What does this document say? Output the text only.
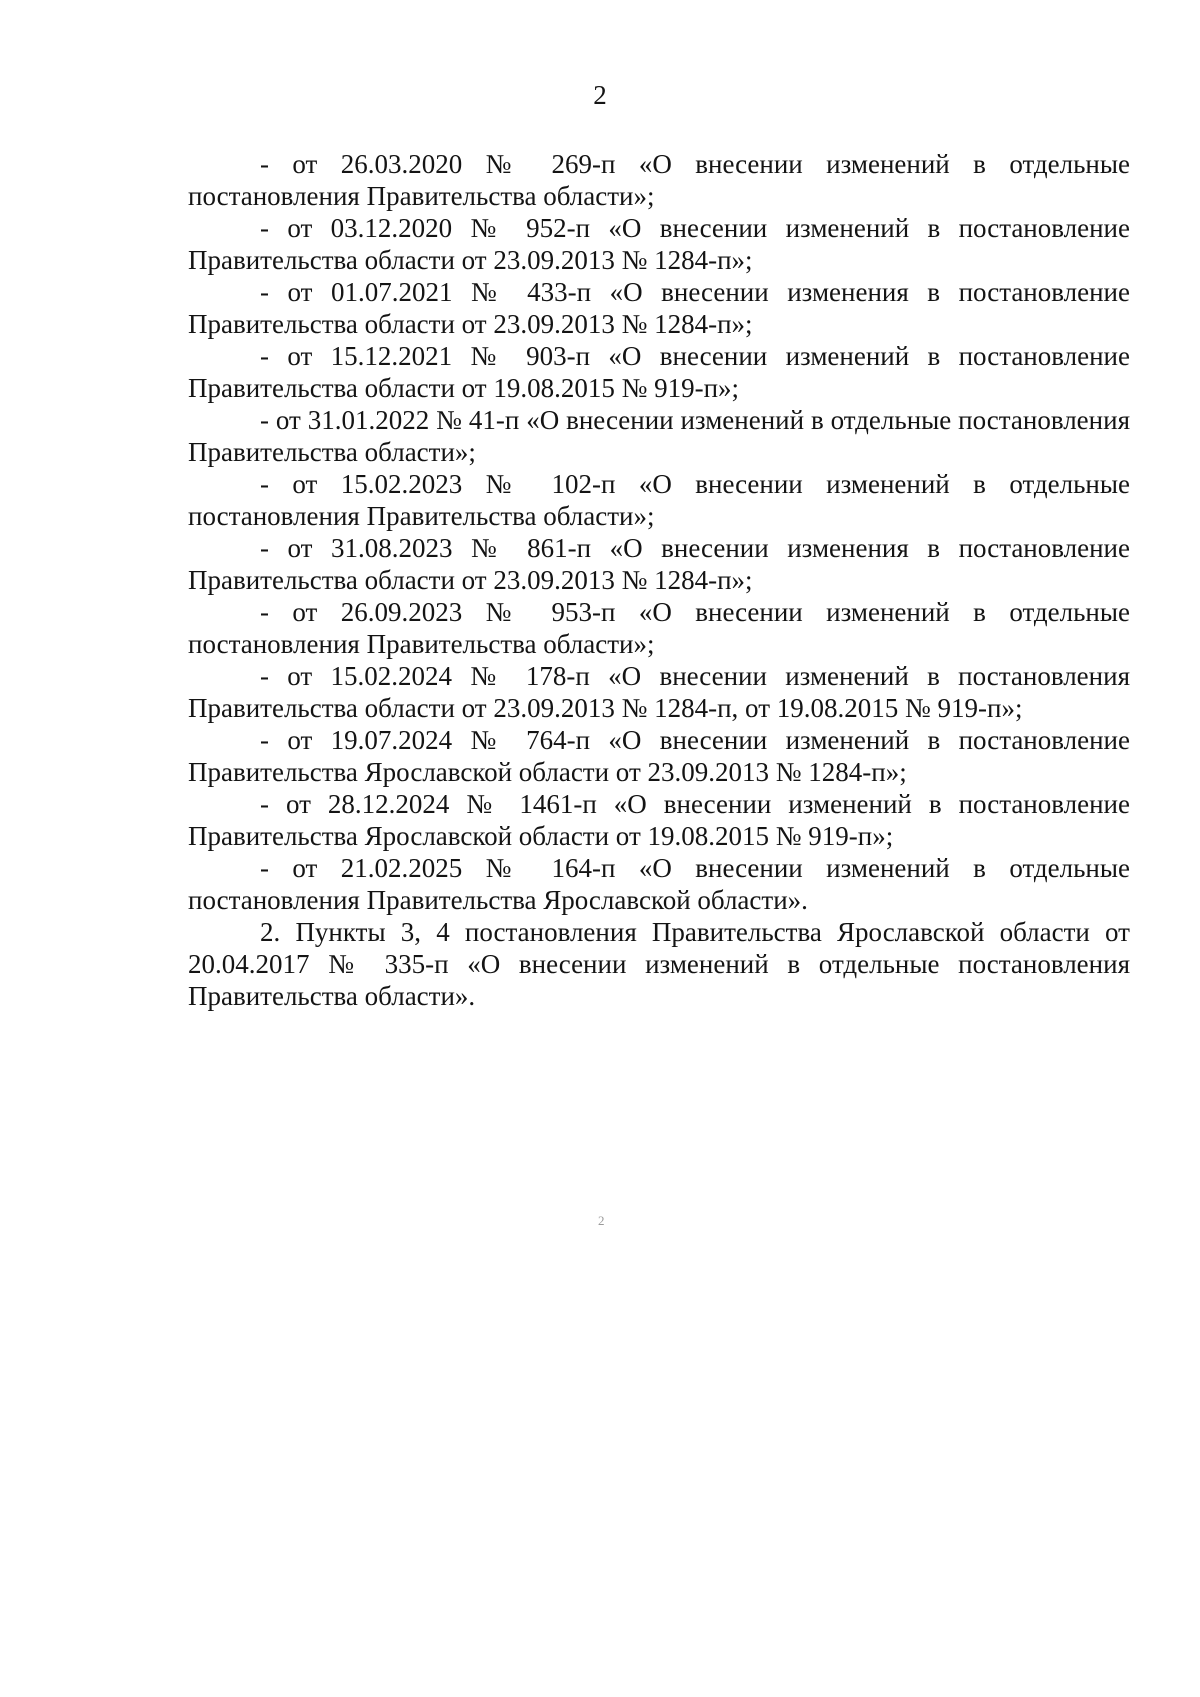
2

- от 26.03.2020 № 269-п «О внесении изменений в отдельные постановления Правительства области»;

- от 03.12.2020 № 952-п «О внесении изменений в постановление Правительства области от 23.09.2013 № 1284-п»;

- от 01.07.2021 № 433-п «О внесении изменения в постановление Правительства области от 23.09.2013 № 1284-п»;

- от 15.12.2021 № 903-п «О внесении изменений в постановление Правительства области от 19.08.2015 № 919-п»;

- от 31.01.2022 № 41-п «О внесении изменений в отдельные постановления Правительства области»;

- от 15.02.2023 № 102-п «О внесении изменений в отдельные постановления Правительства области»;

- от 31.08.2023 № 861-п «О внесении изменения в постановление Правительства области от 23.09.2013 № 1284-п»;

- от 26.09.2023 № 953-п «О внесении изменений в отдельные постановления Правительства области»;

- от 15.02.2024 № 178-п «О внесении изменений в постановления Правительства области от 23.09.2013 № 1284-п, от 19.08.2015 № 919-п»;

- от 19.07.2024 № 764-п «О внесении изменений в постановление Правительства Ярославской области от 23.09.2013 № 1284-п»;

- от 28.12.2024 № 1461-п «О внесении изменений в постановление Правительства Ярославской области от 19.08.2015 № 919-п»;

- от 21.02.2025 № 164-п «О внесении изменений в отдельные постановления Правительства Ярославской области».

2. Пункты 3, 4 постановления Правительства Ярославской области от 20.04.2017 № 335-п «О внесении изменений в отдельные постановления Правительства области».

2
